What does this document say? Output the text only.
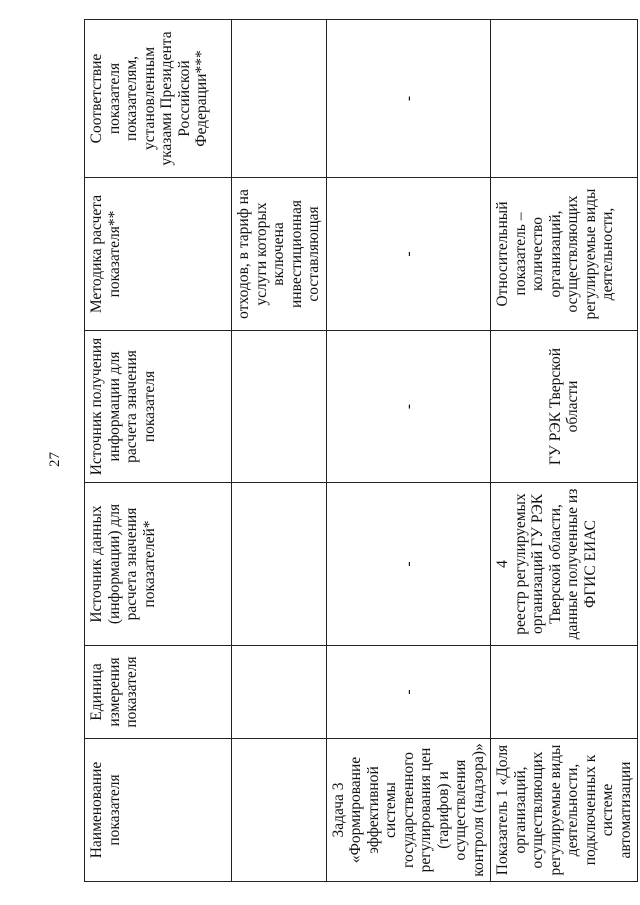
27
Наименование показателя	Единица измерения показателя	Источник данных (информации) для расчета значения показателей*	Источник получения информации для расчета значения показателя	Методика расчета показателя**	Соответствие показателя показателям, установленным указами Президента Российской Федерации***
				отходов, в тариф на услуги которых включена инвестиционная составляющая	
Задача 3 «Формирование эффективной системы государственного регулирования цен (тарифов) и осуществления контроля (надзора)»	-	-	-	-	-
Показатель 1 «Доля организаций, осуществляющих регулируемые виды деятельности, подключенных к системе автоматизации		4 реестр регулируемых организаций ГУ РЭК Тверской области, данные полученные из ФГИС ЕИАС	ГУ РЭК Тверской области	Относительный показатель – количество организаций, осуществляющих регулируемые виды деятельности,	
